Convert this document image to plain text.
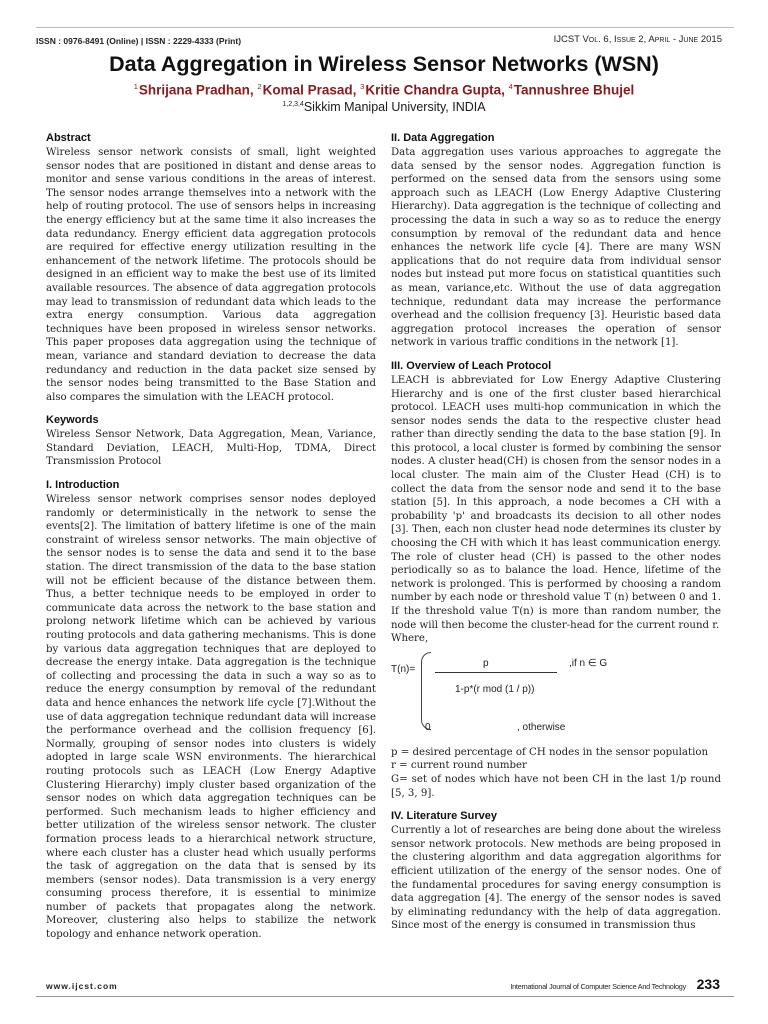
ISSN : 0976-8491 (Online) | ISSN : 2229-4333 (Print)	IJCST Vol. 6, Issue 2, April - June 2015
Data Aggregation in Wireless Sensor Networks (WSN)
$^1$Shrijana Pradhan, $^2$Komal Prasad, $^3$Kritie Chandra Gupta, $^4$Tannushree Bhujel
$^{1,2,3,4}$Sikkim Manipal University, INDIA
Abstract

Wireless sensor network consists of small, light weighted sensor nodes that are positioned in distant and dense areas to monitor and sense various conditions in the areas of interest. The sensor nodes arrange themselves into a network with the help of routing protocol. The use of sensors helps in increasing the energy efficiency but at the same time it also increases the data redundancy. Energy efficient data aggregation protocols are required for effective energy utilization resulting in the enhancement of the network lifetime. The protocols should be designed in an efficient way to make the best use of its limited available resources. The absence of data aggregation protocols may lead to transmission of redundant data which leads to the extra energy consumption. Various data aggregation techniques have been proposed in wireless sensor networks. This paper proposes data aggregation using the technique of mean, variance and standard deviation to decrease the data redundancy and reduction in the data packet size sensed by the sensor nodes being transmitted to the Base Station and also compares the simulation with the LEACH protocol.

Keywords

Wireless Sensor Network, Data Aggregation, Mean, Variance, Standard Deviation, LEACH, Multi-Hop, TDMA, Direct Transmission Protocol

I. Introduction

Wireless sensor network comprises sensor nodes deployed randomly or deterministically in the network to sense the events[2]. The limitation of battery lifetime is one of the main constraint of wireless sensor networks. The main objective of the sensor nodes is to sense the data and send it to the base station. The direct transmission of the data to the base station will not be efficient because of the distance between them. Thus, a better technique needs to be employed in order to communicate data across the network to the base station and prolong network lifetime which can be achieved by various routing protocols and data gathering mechanisms. This is done by various data aggregation techniques that are deployed to decrease the energy intake. Data aggregation is the technique of collecting and processing the data in such a way so as to reduce the energy consumption by removal of the redundant data and hence enhances the network life cycle [7].Without the use of data aggregation technique redundant data will increase the performance overhead and the collision frequency [6]. Normally, grouping of sensor nodes into clusters is widely adopted in large scale WSN environments. The hierarchical routing protocols such as LEACH (Low Energy Adaptive Clustering Hierarchy) imply cluster based organization of the sensor nodes on which data aggregation techniques can be performed. Such mechanism leads to higher efficiency and better utilization of the wireless sensor network. The cluster formation process leads to a hierarchical network structure, where each cluster has a cluster head which usually performs the task of aggregation on the data that is sensed by its members (sensor nodes). Data transmission is a very energy consuming process therefore, it is essential to minimize number of packets that propagates along the network. Moreover, clustering also helps to stabilize the network topology and enhance network operation.

II. Data Aggregation

Data aggregation uses various approaches to aggregate the data sensed by the sensor nodes. Aggregation function is performed on the sensed data from the sensors using some approach such as LEACH (Low Energy Adaptive Clustering Hierarchy). Data aggregation is the technique of collecting and processing the data in such a way so as to reduce the energy consumption by removal of the redundant data and hence enhances the network life cycle [4]. There are many WSN applications that do not require data from individual sensor nodes but instead put more focus on statistical quantities such as mean, variance,etc. Without the use of data aggregation technique, redundant data may increase the performance overhead and the collision frequency [3]. Heuristic based data aggregation protocol increases the operation of sensor network in various traffic conditions in the network [1].

III. Overview of Leach Protocol

LEACH is abbreviated for Low Energy Adaptive Clustering Hierarchy and is one of the first cluster based hierarchical protocol. LEACH uses multi-hop communication in which the sensor nodes sends the data to the respective cluster head rather than directly sending the data to the base station [9]. In this protocol, a local cluster is formed by combining the sensor nodes. A cluster head(CH) is chosen from the sensor nodes in a local cluster. The main aim of the Cluster Head (CH) is to collect the data from the sensor node and send it to the base station [5]. In this approach, a node becomes a CH with a probability 'p' and broadcasts its decision to all other nodes [3]. Then, each non cluster head node determines its cluster by choosing the CH with which it has least communication energy. The role of cluster head (CH) is passed to the other nodes periodically so as to balance the load. Hence, lifetime of the network is prolonged. This is performed by choosing a random number by each node or threshold value T (n) between 0 and 1. If the threshold value T(n) is more than random number, the node will then become the cluster-head for the current round r.

Where,

T(n)=
p	,if n ∈ G
1-p*(r mod (1 / p))
0	, otherwise

p = desired percentage of CH nodes in the sensor population

r = current round number

G= set of nodes which have not been CH in the last 1/p round [5, 3, 9].

IV. Literature Survey

Currently a lot of researches are being done about the wireless sensor network protocols. New methods are being proposed in the clustering algorithm and data aggregation algorithms for efficient utilization of the energy of the sensor nodes. One of the fundamental procedures for saving energy consumption is data aggregation [4]. The energy of the sensor nodes is saved by eliminating redundancy with the help of data aggregation. Since most of the energy is consumed in transmission thus

www.ijcst.com	International Journal of Computer Science And Technology 233
